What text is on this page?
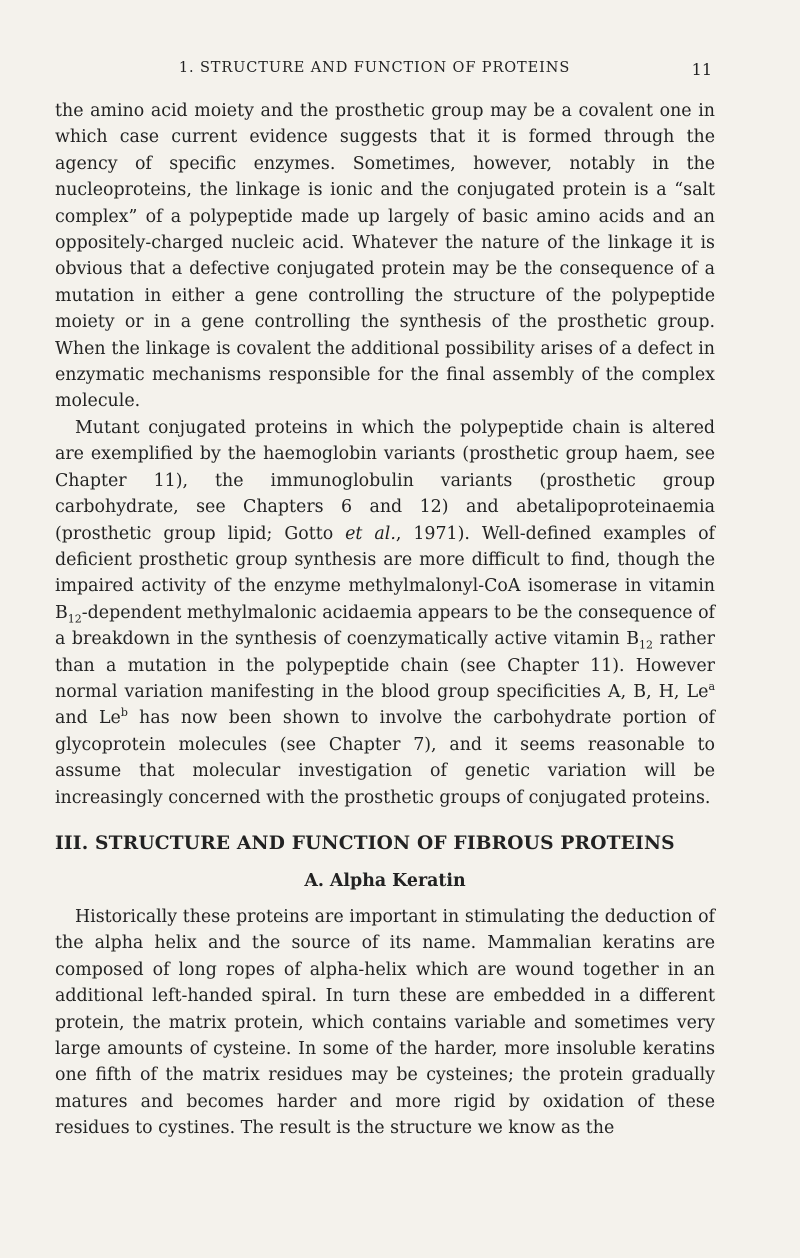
1. STRUCTURE AND FUNCTION OF PROTEINS	11

the amino acid moiety and the prosthetic group may be a covalent one in which case current evidence suggests that it is formed through the agency of specific enzymes. Sometimes, however, notably in the nucleoproteins, the linkage is ionic and the conjugated protein is a “salt complex” of a polypeptide made up largely of basic amino acids and an oppositely-charged nucleic acid. Whatever the nature of the linkage it is obvious that a defective conjugated protein may be the consequence of a mutation in either a gene controlling the structure of the polypeptide moiety or in a gene controlling the synthesis of the prosthetic group. When the linkage is covalent the additional possibility arises of a defect in enzymatic mechanisms responsible for the final assembly of the complex molecule.

Mutant conjugated proteins in which the polypeptide chain is altered are exemplified by the haemoglobin variants (prosthetic group haem, see Chapter 11), the immunoglobulin variants (prosthetic group carbohydrate, see Chapters 6 and 12) and abetalipoproteinaemia (prosthetic group lipid; Gotto et al., 1971). Well-defined examples of deficient prosthetic group synthesis are more difficult to find, though the impaired activity of the enzyme methylmalonyl-CoA isomerase in vitamin $B_{12}$-dependent methylmalonic acidaemia appears to be the consequence of a breakdown in the synthesis of coenzymatically active vitamin $B_{12}$ rather than a mutation in the polypeptide chain (see Chapter 11). However normal variation manifesting in the blood group specificities A, B, H, Le$^a$ and Le$^b$ has now been shown to involve the carbohydrate portion of glycoprotein molecules (see Chapter 7), and it seems reasonable to assume that molecular investigation of genetic variation will be increasingly concerned with the prosthetic groups of conjugated proteins.

III. STRUCTURE AND FUNCTION OF FIBROUS PROTEINS
A. Alpha Keratin

Historically these proteins are important in stimulating the deduction of the alpha helix and the source of its name. Mammalian keratins are composed of long ropes of alpha-helix which are wound together in an additional left-handed spiral. In turn these are embedded in a different protein, the matrix protein, which contains variable and sometimes very large amounts of cysteine. In some of the harder, more insoluble keratins one fifth of the matrix residues may be cysteines; the protein gradually matures and becomes harder and more rigid by oxidation of these residues to cystines. The result is the structure we know as the
